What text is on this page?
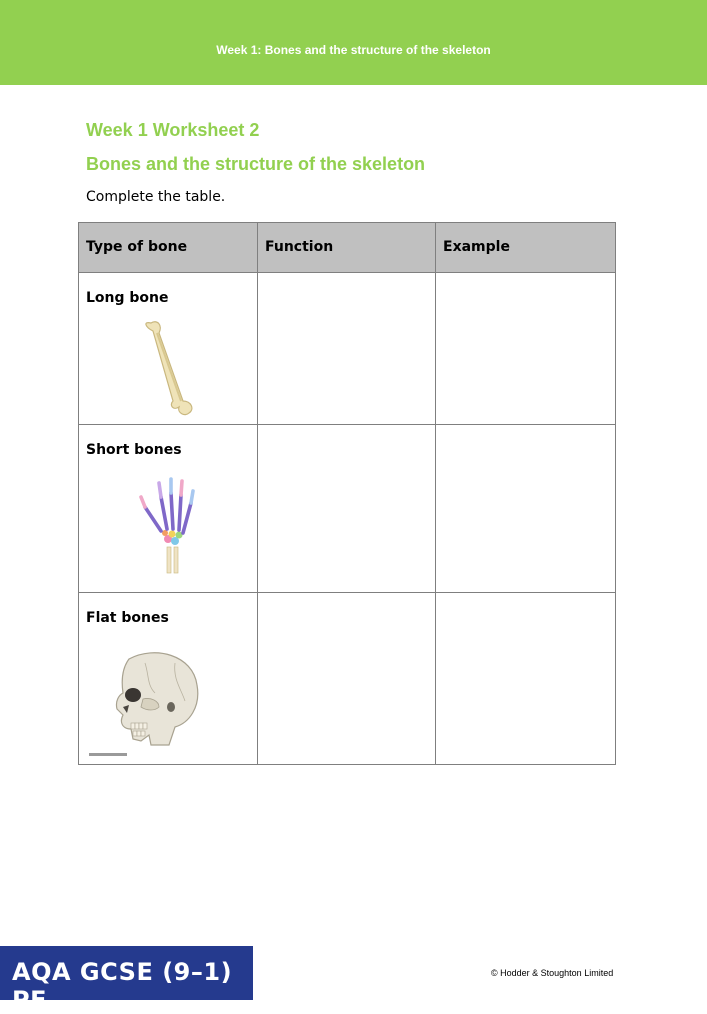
Week 1: Bones and the structure of the skeleton
Week 1 Worksheet 2
Bones and the structure of the skeleton
Complete the table.
Type of bone	Function	Example

Long bone		

Short bones		

Flat bones		

AQA GCSE (9–1) PE
© Hodder & Stoughton Limited
